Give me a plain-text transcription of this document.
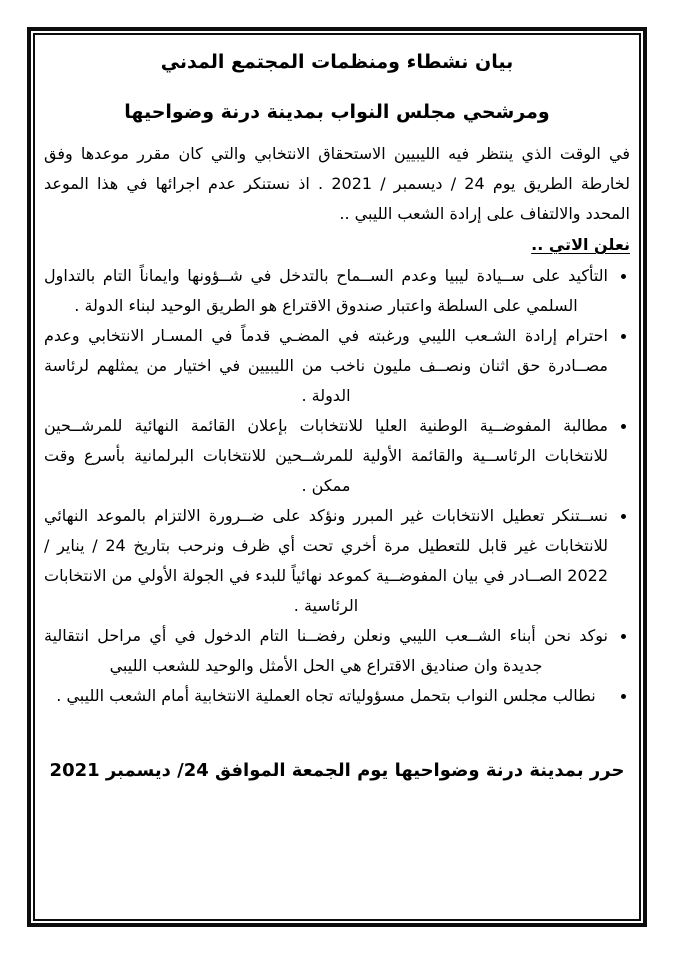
بيان نشطاء ومنظمات المجتمع المدني
ومرشحي مجلس النواب بمدينة درنة وضواحيها

في الوقت الذي ينتظر فيه الليبيين الاستحقاق الانتخابي والتي كان مقرر موعدها وفق لخارطة الطريق يوم 24 / ديسمبر / 2021 . اذ نستنكر عدم اجرائها في هذا الموعد المحدد والالتفاف على إرادة الشعب الليبي ..

نعلن الاتي ..

• التأكيد على ســيادة ليبيا وعدم الســماح بالتدخل في شــؤونها وايماناً التام بالتداول السلمي على السلطة واعتبار صندوق الاقتراع هو الطريق الوحيد لبناء الدولة .
• احترام إرادة الشـعب الليبي ورغبته في المضـي قدماً في المسـار الانتخابي وعدم مصــادرة حق اثنان ونصــف مليون ناخب من الليبيين في اختيار من يمثلهم لرئاسة الدولة .
• مطالبة المفوضــية الوطنية العليا للانتخابات بإعلان القائمة النهائية للمرشــحين للانتخابات الرئاســية والقائمة الأولية للمرشــحين للانتخابات البرلمانية بأسرع وقت ممكن .
• نســتنكر تعطيل الانتخابات غير المبرر ونؤكد على ضــرورة الالتزام بالموعد النهائي للانتخابات غير قابل للتعطيل مرة أخري تحت أي ظرف ونرحب بتاريخ 24 / يناير / 2022 الصــادر في بيان المفوضــية كموعد نهائياً للبدء في الجولة الأولي من الانتخابات الرئاسية .
• نوكد نحن أبناء الشــعب الليبي ونعلن رفضــنا التام الدخول في أي مراحل انتقالية جديدة وان صناديق الاقتراع هي الحل الأمثل والوحيد للشعب الليبي
• نطالب مجلس النواب بتحمل مسؤولياته تجاه العملية الانتخابية أمام الشعب الليبي .

حرر بمدينة درنة وضواحيها يوم الجمعة الموافق 24/ ديسمبر 2021
